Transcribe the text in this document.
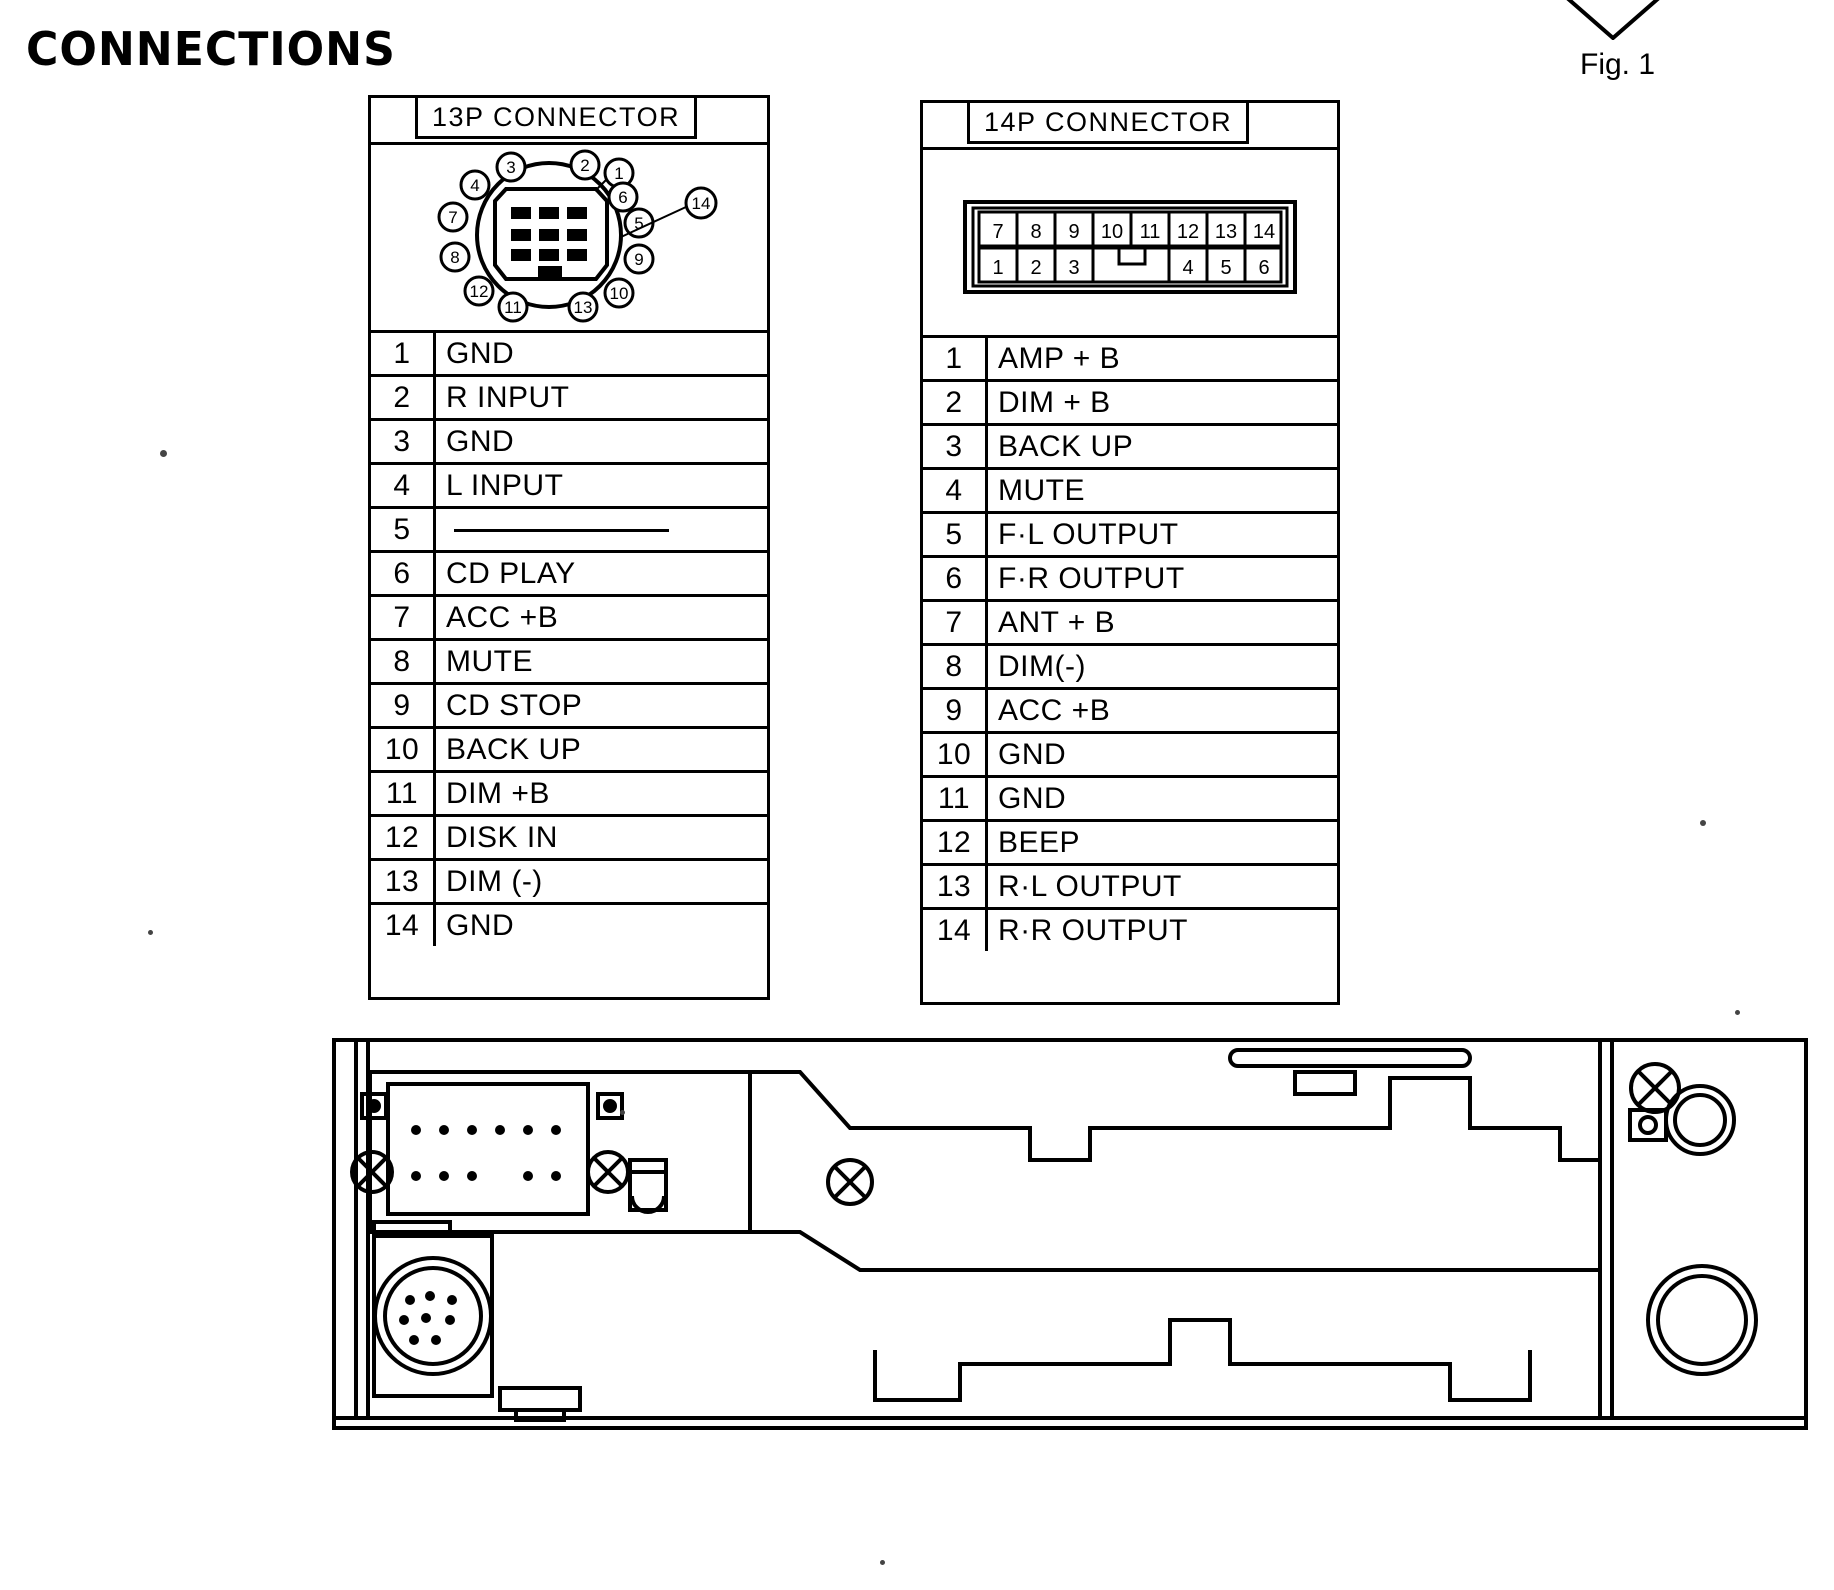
CONNECTIONS	Fig. 1
13P CONNECTOR
3	2 1
4
7
8
12
11	13
10
9
5
6	14
1	GND
2	R INPUT
3	GND
4	L INPUT
5	
6	CD PLAY
7	ACC +B
8	MUTE
9	CD STOP
10	BACK UP
11	DIM +B
12	DISK IN
13	DIM (-)
14	GND
14P CONNECTOR
7 8 9 10 11 12 13 14
1 2 3	4 5 6
1	AMP + B
2	DIM + B
3	BACK UP
4	MUTE
5	F·L OUTPUT
6	F·R OUTPUT
7	ANT + B
8	DIM(-)
9	ACC +B
10	GND
11	GND
12	BEEP
13	R·L OUTPUT
14	R·R OUTPUT
